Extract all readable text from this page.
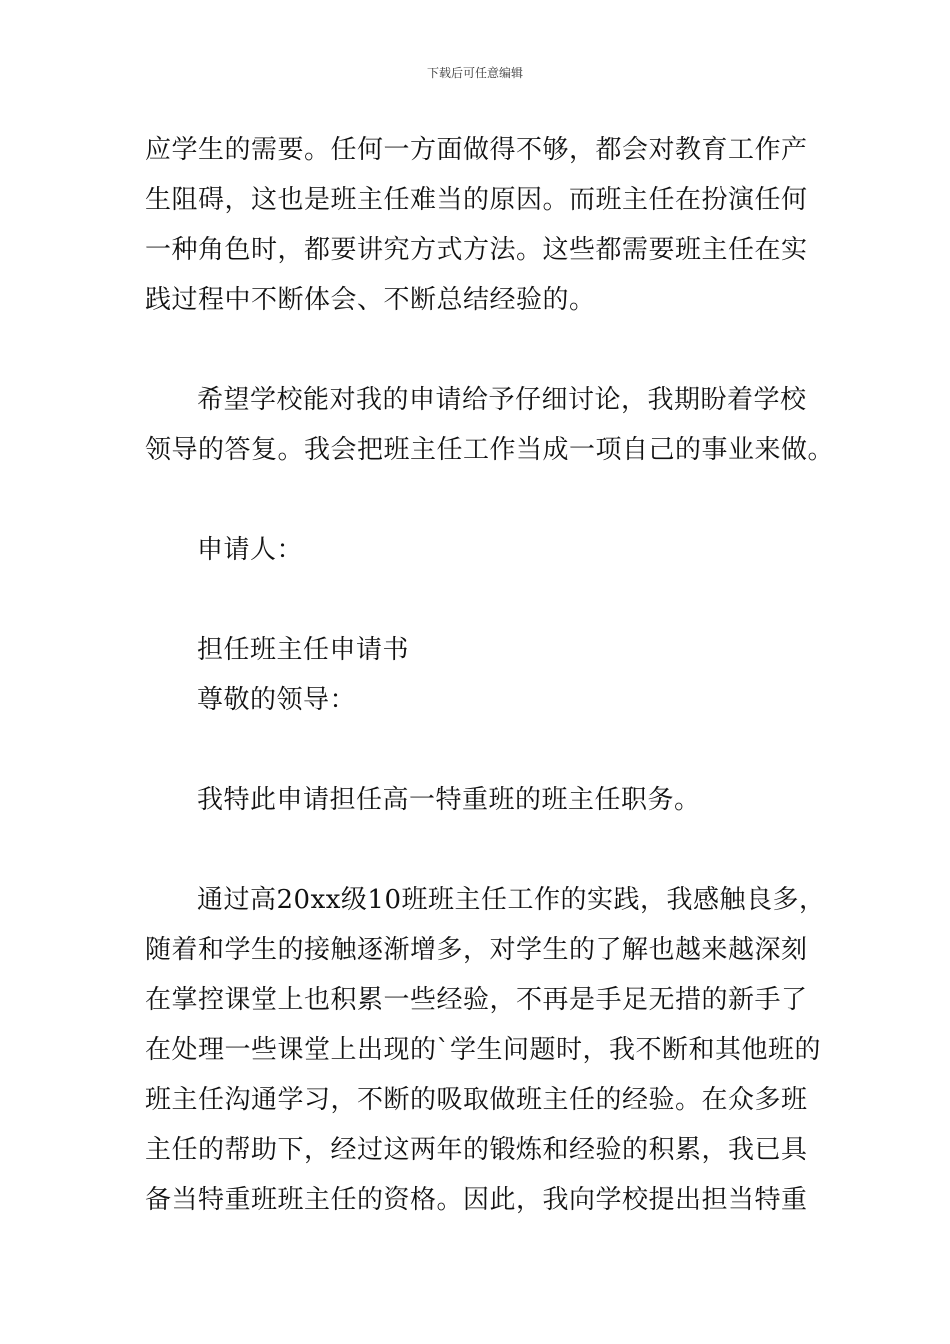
下载后可任意编辑
应学生的需要。任何一方面做得不够，都会对教育工作产
生阻碍，这也是班主任难当的原因。而班主任在扮演任何
一种角色时，都要讲究方式方法。这些都需要班主任在实
践过程中不断体会、不断总结经验的。
希望学校能对我的申请给予仔细讨论，我期盼着学校
领导的答复。我会把班主任工作当成一项自己的事业来做。
申请人：
担任班主任申请书
尊敬的领导：
我特此申请担任高一特重班的班主任职务。
通过高20xx级10班班主任工作的实践，我感触良多，
随着和学生的接触逐渐增多，对学生的了解也越来越深刻
在掌控课堂上也积累一些经验，不再是手足无措的新手了
在处理一些课堂上出现的`学生问题时，我不断和其他班的
班主任沟通学习，不断的吸取做班主任的经验。在众多班
主任的帮助下，经过这两年的锻炼和经验的积累，我已具
备当特重班班主任的资格。因此，我向学校提出担当特重
